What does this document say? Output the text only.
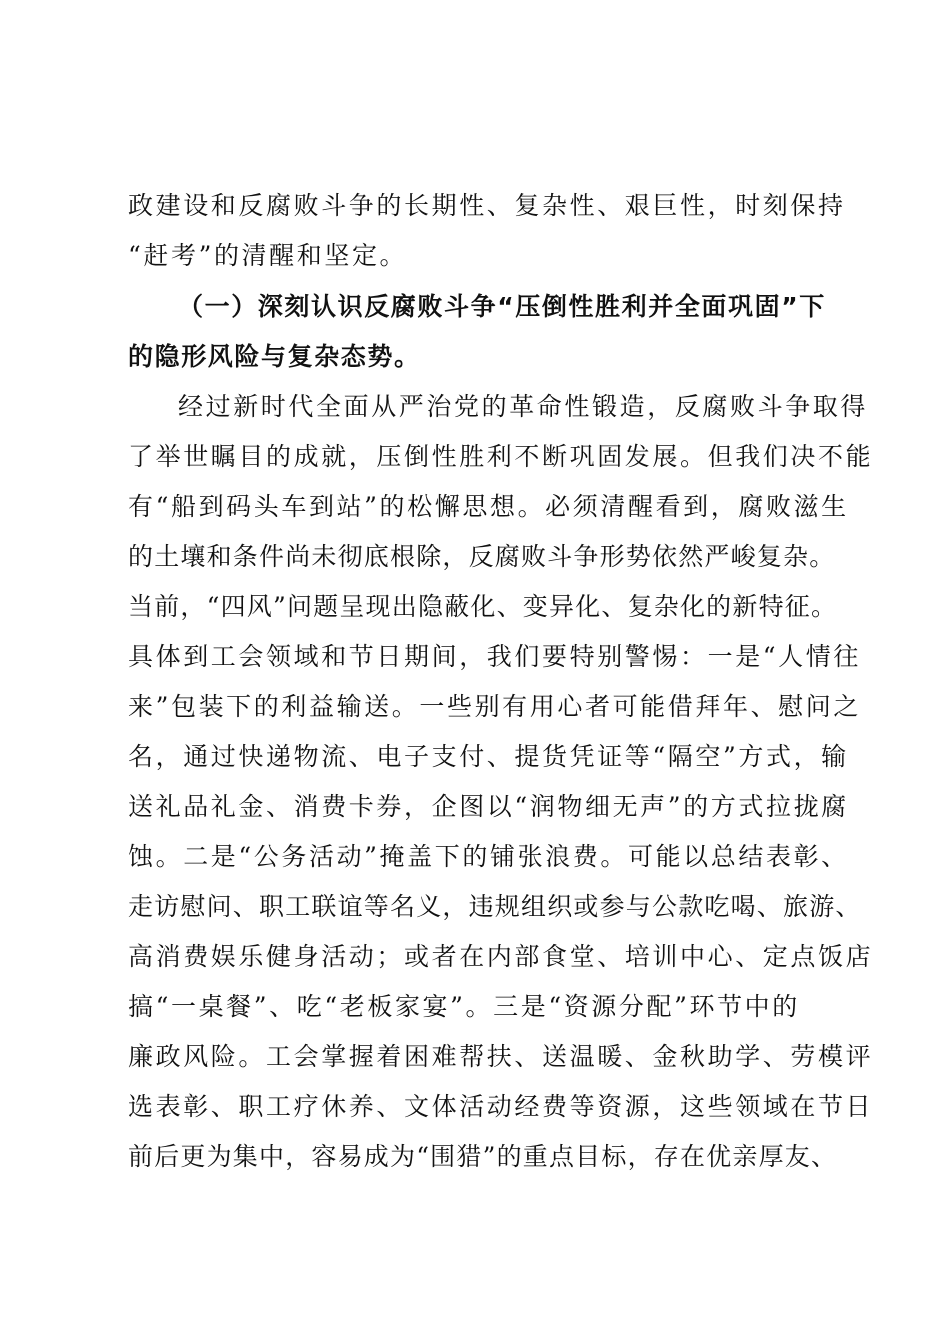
政建设和反腐败斗争的长期性、复杂性、艰巨性，时刻保持
“赶考”的清醒和坚定。
（一）深刻认识反腐败斗争“压倒性胜利并全面巩固”下
的隐形风险与复杂态势。
经过新时代全面从严治党的革命性锻造，反腐败斗争取得
了举世瞩目的成就，压倒性胜利不断巩固发展。但我们决不能
有“船到码头车到站”的松懈思想。必须清醒看到，腐败滋生
的土壤和条件尚未彻底根除，反腐败斗争形势依然严峻复杂。
当前，“四风”问题呈现出隐蔽化、变异化、复杂化的新特征。
具体到工会领域和节日期间，我们要特别警惕：一是“人情往
来”包装下的利益输送。一些别有用心者可能借拜年、慰问之
名，通过快递物流、电子支付、提货凭证等“隔空”方式，输
送礼品礼金、消费卡券，企图以“润物细无声”的方式拉拢腐
蚀。二是“公务活动”掩盖下的铺张浪费。可能以总结表彰、
走访慰问、职工联谊等名义，违规组织或参与公款吃喝、旅游、
高消费娱乐健身活动；或者在内部食堂、培训中心、定点饭店
搞“一桌餐”、吃“老板家宴”。三是“资源分配”环节中的
廉政风险。工会掌握着困难帮扶、送温暖、金秋助学、劳模评
选表彰、职工疗休养、文体活动经费等资源，这些领域在节日
前后更为集中，容易成为“围猎”的重点目标，存在优亲厚友、
